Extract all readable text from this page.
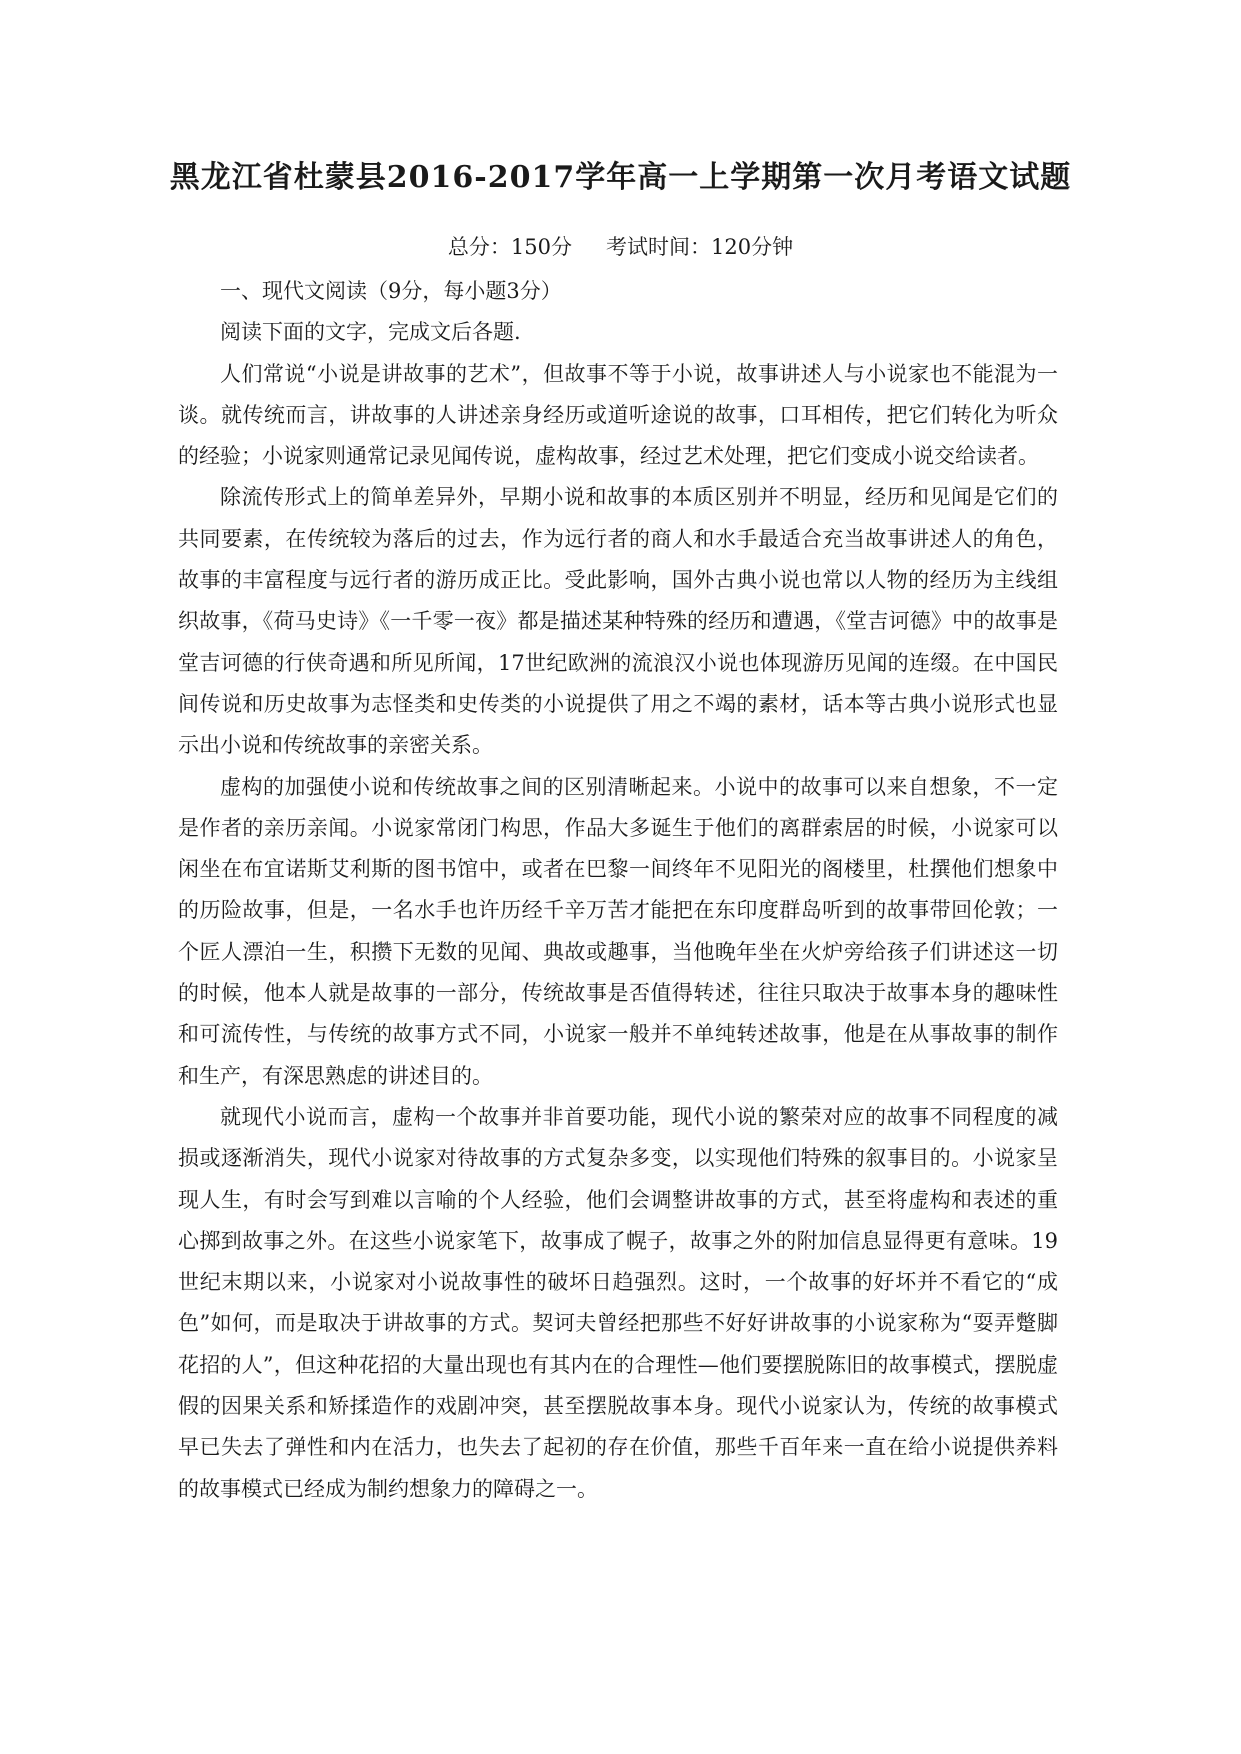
黑龙江省杜蒙县2016-2017学年高一上学期第一次月考语文试题
总分：150分 考试时间：120分钟

一、现代文阅读（9分，每小题3分）

阅读下面的文字，完成文后各题.

人们常说“小说是讲故事的艺术”，但故事不等于小说，故事讲述人与小说家也不能混为一谈。就传统而言，讲故事的人讲述亲身经历或道听途说的故事，口耳相传，把它们转化为听众的经验；小说家则通常记录见闻传说，虚构故事，经过艺术处理，把它们变成小说交给读者。

除流传形式上的简单差异外，早期小说和故事的本质区别并不明显，经历和见闻是它们的共同要素，在传统较为落后的过去，作为远行者的商人和水手最适合充当故事讲述人的角色，故事的丰富程度与远行者的游历成正比。受此影响，国外古典小说也常以人物的经历为主线组织故事，《荷马史诗》《一千零一夜》都是描述某种特殊的经历和遭遇，《堂吉诃德》中的故事是堂吉诃德的行侠奇遇和所见所闻，17世纪欧洲的流浪汉小说也体现游历见闻的连缀。在中国民间传说和历史故事为志怪类和史传类的小说提供了用之不竭的素材，话本等古典小说形式也显示出小说和传统故事的亲密关系。

虚构的加强使小说和传统故事之间的区别清晰起来。小说中的故事可以来自想象，不一定是作者的亲历亲闻。小说家常闭门构思，作品大多诞生于他们的离群索居的时候，小说家可以闲坐在布宜诺斯艾利斯的图书馆中，或者在巴黎一间终年不见阳光的阁楼里，杜撰他们想象中的历险故事，但是，一名水手也许历经千辛万苦才能把在东印度群岛听到的故事带回伦敦；一个匠人漂泊一生，积攒下无数的见闻、典故或趣事，当他晚年坐在火炉旁给孩子们讲述这一切的时候，他本人就是故事的一部分，传统故事是否值得转述，往往只取决于故事本身的趣味性和可流传性，与传统的故事方式不同，小说家一般并不单纯转述故事，他是在从事故事的制作和生产，有深思熟虑的讲述目的。

就现代小说而言，虚构一个故事并非首要功能，现代小说的繁荣对应的故事不同程度的减损或逐渐消失，现代小说家对待故事的方式复杂多变，以实现他们特殊的叙事目的。小说家呈现人生，有时会写到难以言喻的个人经验，他们会调整讲故事的方式，甚至将虚构和表述的重心掷到故事之外。在这些小说家笔下，故事成了幌子，故事之外的附加信息显得更有意味。19世纪末期以来，小说家对小说故事性的破坏日趋强烈。这时，一个故事的好坏并不看它的“成色”如何，而是取决于讲故事的方式。契诃夫曾经把那些不好好讲故事的小说家称为“耍弄蹩脚花招的人”，但这种花招的大量出现也有其内在的合理性—他们要摆脱陈旧的故事模式，摆脱虚假的因果关系和矫揉造作的戏剧冲突，甚至摆脱故事本身。现代小说家认为，传统的故事模式早已失去了弹性和内在活力，也失去了起初的存在价值，那些千百年来一直在给小说提供养料的故事模式已经成为制约想象力的障碍之一。
